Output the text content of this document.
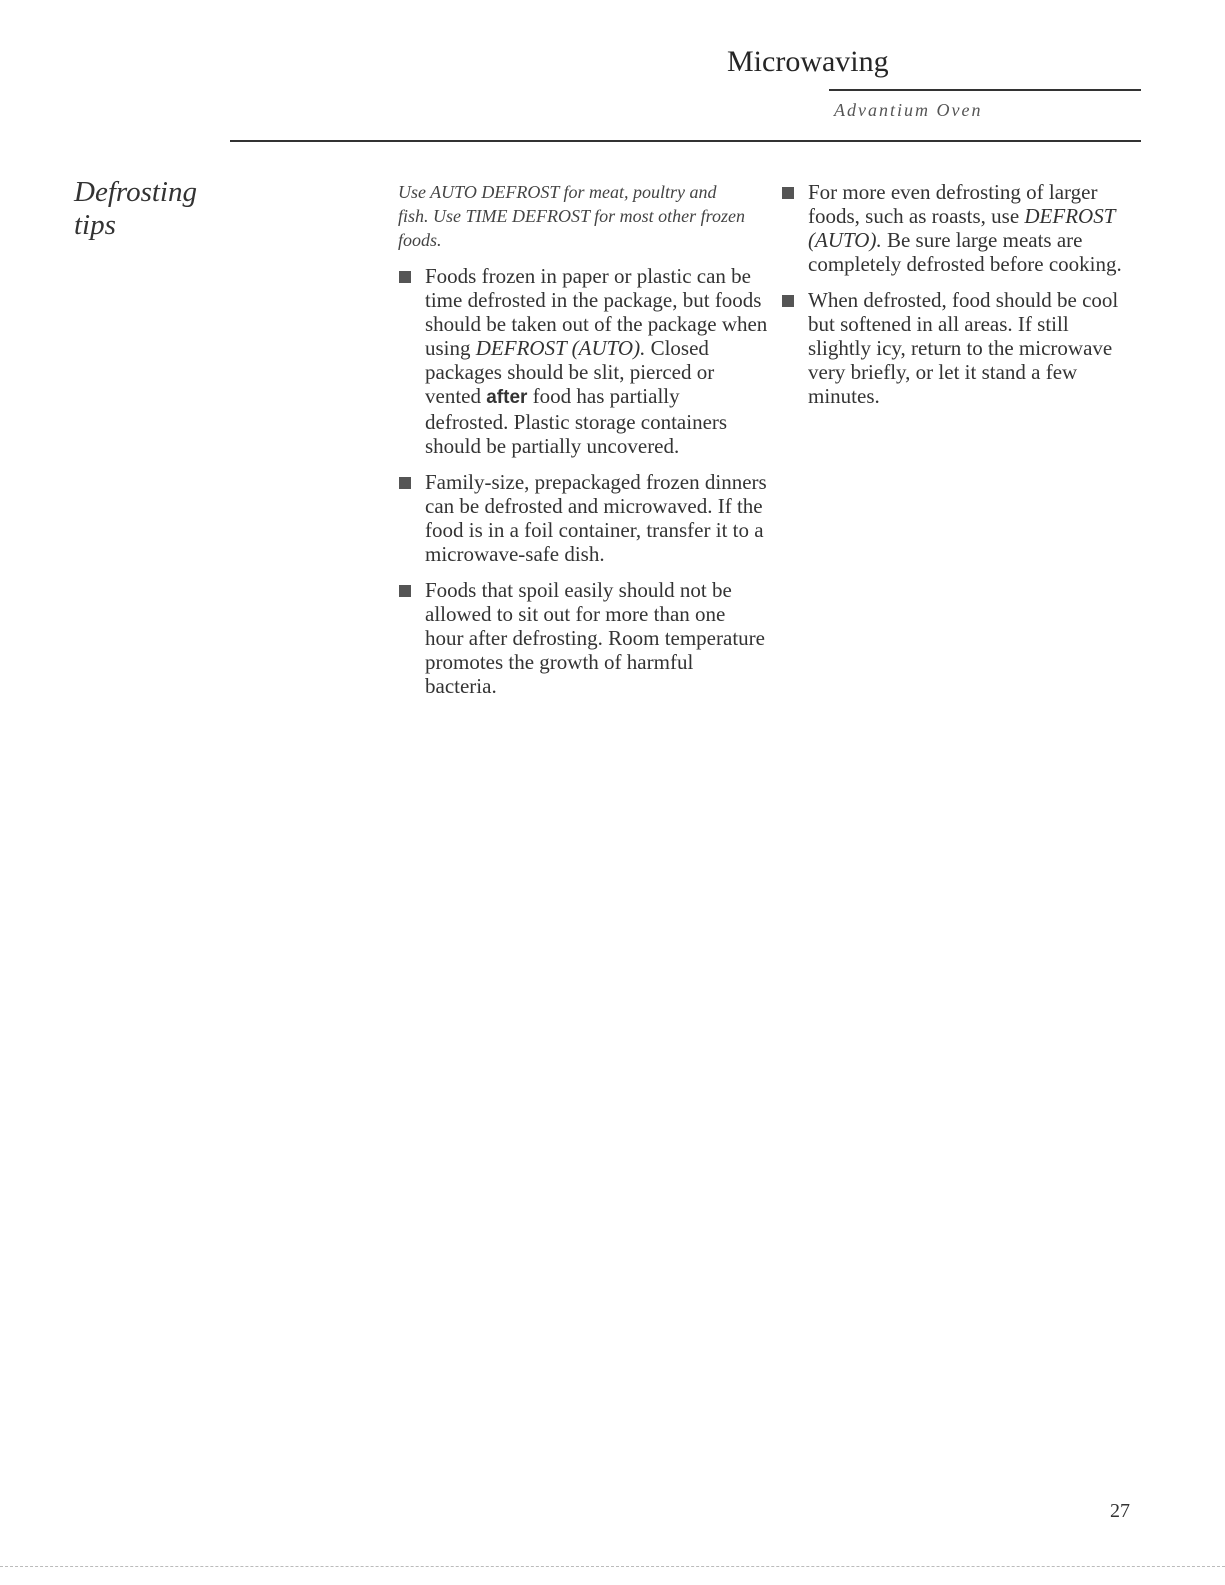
Microwaving
Advantium Oven
Defrosting
tips

Use AUTO DEFROST for meat, poultry and fish. Use TIME DEFROST for most other frozen foods.

Foods frozen in paper or plastic can be time defrosted in the package, but foods should be taken out of the package when using DEFROST (AUTO). Closed packages should be slit, pierced or vented after food has partially defrosted. Plastic storage containers should be partially uncovered.
Family-size, prepackaged frozen dinners can be defrosted and microwaved. If the food is in a foil container, transfer it to a microwave-safe dish.
Foods that spoil easily should not be allowed to sit out for more than one hour after defrosting. Room temperature promotes the growth of harmful bacteria.
For more even defrosting of larger foods, such as roasts, use DEFROST (AUTO). Be sure large meats are completely defrosted before cooking.
When defrosted, food should be cool but softened in all areas. If still slightly icy, return to the microwave very briefly, or let it stand a few minutes.
27
